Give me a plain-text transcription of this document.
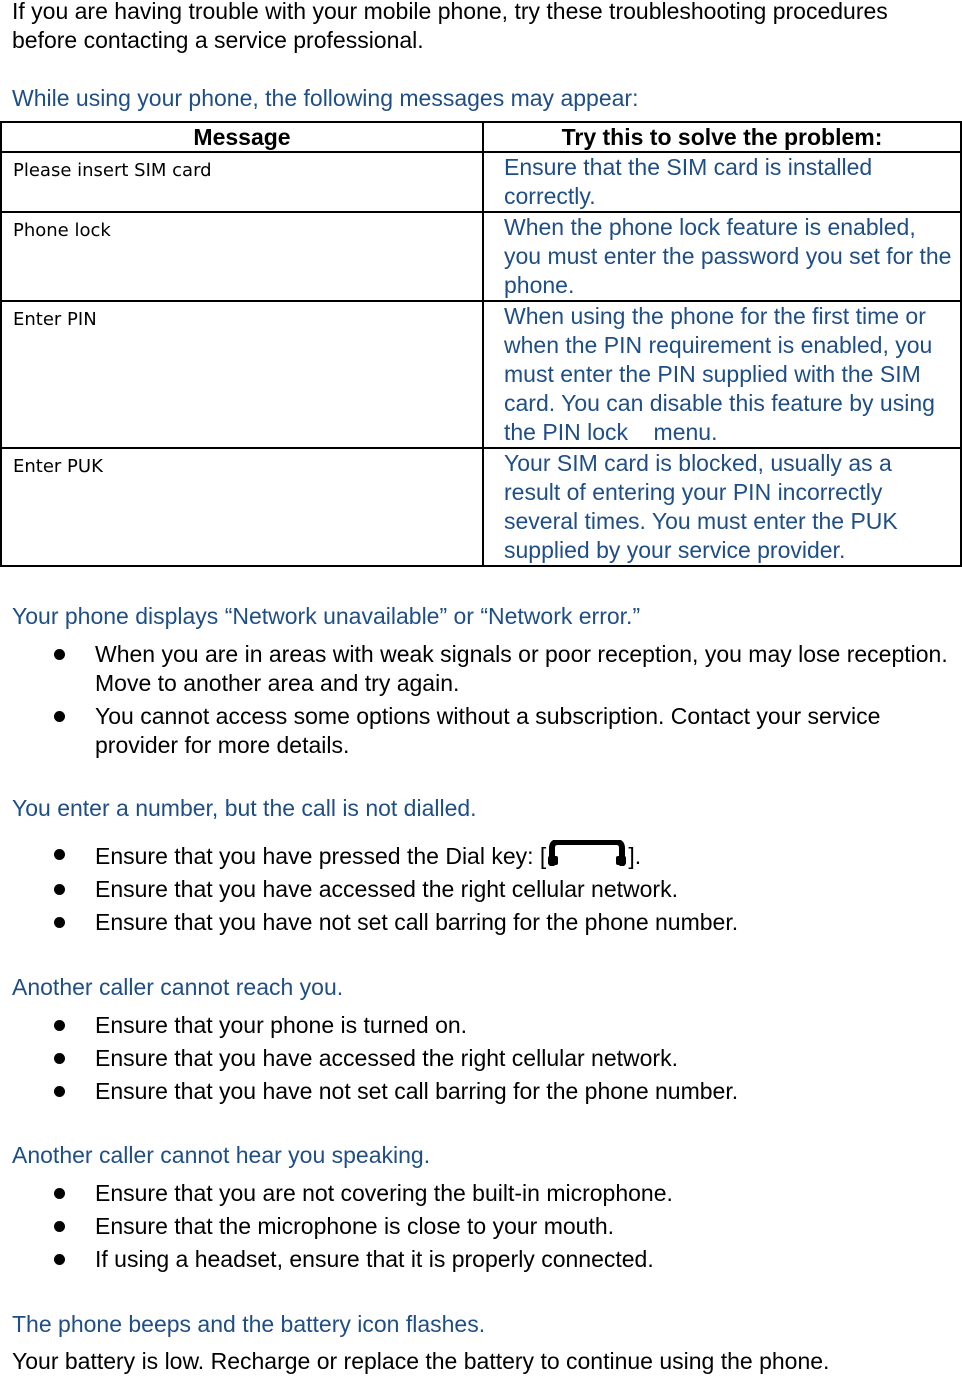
If you are having trouble with your mobile phone, try these troubleshooting procedures before contacting a service professional.

While using your phone, the following messages may appear:

Message	Try this to solve the problem:
Please insert SIM card	Ensure that the SIM card is installed correctly.
Phone lock	When the phone lock feature is enabled, you must enter the password you set for the phone.
Enter PIN	When using the phone for the first time or when the PIN requirement is enabled, you must enter the PIN supplied with the SIM card. You can disable this feature by using the PIN lock    menu.
Enter PUK	Your SIM card is blocked, usually as a result of entering your PIN incorrectly several times. You must enter the PUK supplied by your service provider.

Your phone displays “Network unavailable” or “Network error.”

When you are in areas with weak signals or poor reception, you may lose reception. Move to another area and try again.
You cannot access some options without a subscription. Contact your service provider for more details.

You enter a number, but the call is not dialled.

Ensure that you have pressed the Dial key: [	].
Ensure that you have accessed the right cellular network.
Ensure that you have not set call barring for the phone number.

Another caller cannot reach you.

Ensure that your phone is turned on.
Ensure that you have accessed the right cellular network.
Ensure that you have not set call barring for the phone number.

Another caller cannot hear you speaking.

Ensure that you are not covering the built-in microphone.
Ensure that the microphone is close to your mouth.
If using a headset, ensure that it is properly connected.

The phone beeps and the battery icon flashes.

Your battery is low. Recharge or replace the battery to continue using the phone.
